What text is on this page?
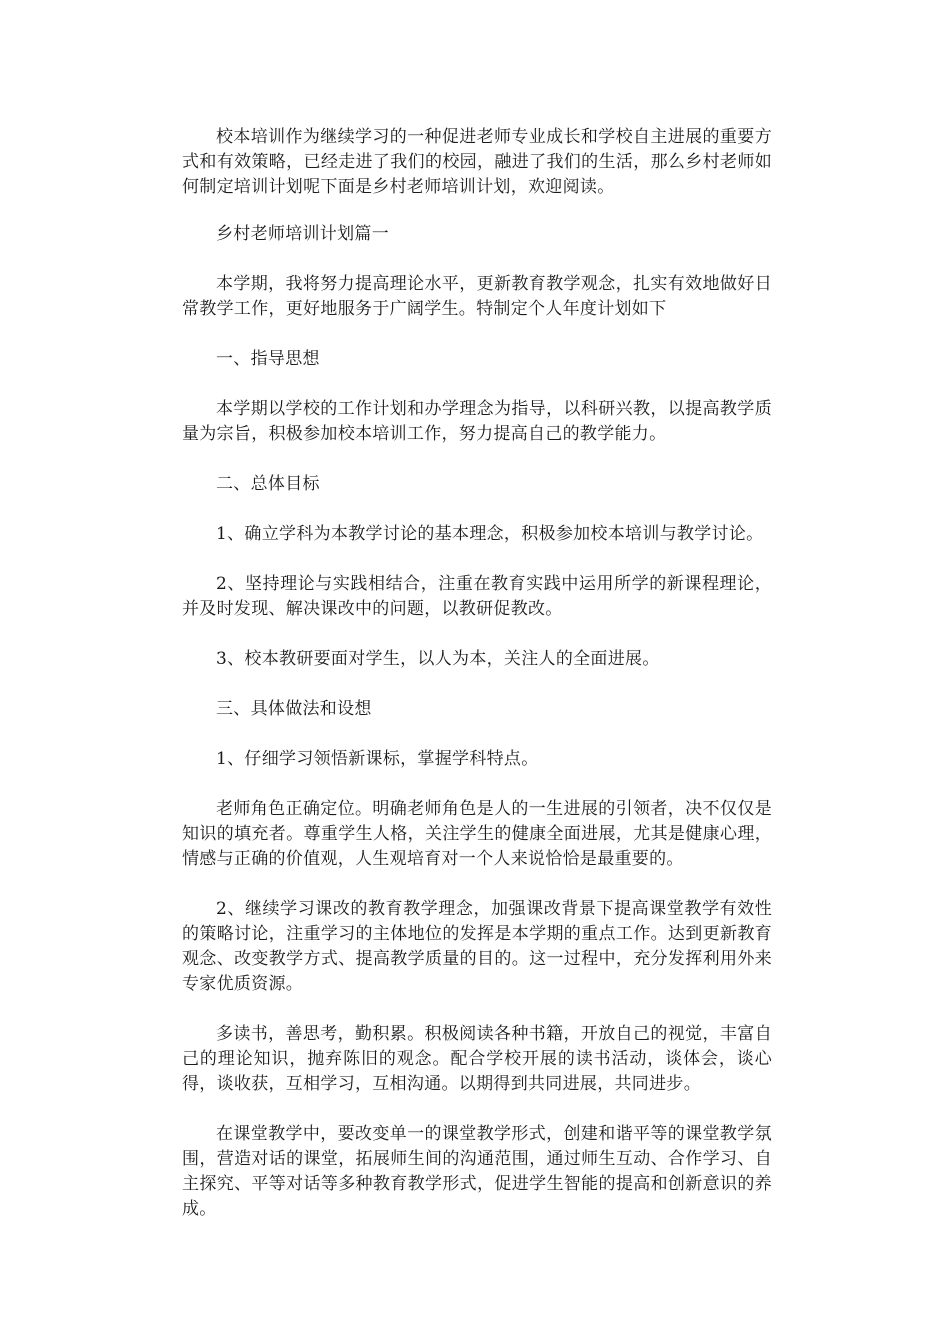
校本培训作为继续学习的一种促进老师专业成长和学校自主进展的重要方式和有效策略，已经走进了我们的校园，融进了我们的生活，那么乡村老师如何制定培训计划呢下面是乡村老师培训计划，欢迎阅读。

乡村老师培训计划篇一

本学期，我将努力提高理论水平，更新教育教学观念，扎实有效地做好日常教学工作，更好地服务于广阔学生。特制定个人年度计划如下

一、指导思想

本学期以学校的工作计划和办学理念为指导，以科研兴教，以提高教学质量为宗旨，积极参加校本培训工作，努力提高自己的教学能力。

二、总体目标

1、确立学科为本教学讨论的基本理念，积极参加校本培训与教学讨论。

2、坚持理论与实践相结合，注重在教育实践中运用所学的新课程理论，并及时发现、解决课改中的问题，以教研促教改。

3、校本教研要面对学生，以人为本，关注人的全面进展。

三、具体做法和设想

1、仔细学习领悟新课标，掌握学科特点。

老师角色正确定位。明确老师角色是人的一生进展的引领者，决不仅仅是知识的填充者。尊重学生人格，关注学生的健康全面进展，尤其是健康心理，情感与正确的价值观，人生观培育对一个人来说恰恰是最重要的。

2、继续学习课改的教育教学理念，加强课改背景下提高课堂教学有效性的策略讨论，注重学习的主体地位的发挥是本学期的重点工作。达到更新教育观念、改变教学方式、提高教学质量的目的。这一过程中，充分发挥利用外来专家优质资源。

多读书，善思考，勤积累。积极阅读各种书籍，开放自己的视觉，丰富自己的理论知识，抛弃陈旧的观念。配合学校开展的读书活动，谈体会，谈心得，谈收获，互相学习，互相沟通。以期得到共同进展，共同进步。

在课堂教学中，要改变单一的课堂教学形式，创建和谐平等的课堂教学氛围，营造对话的课堂，拓展师生间的沟通范围，通过师生互动、合作学习、自主探究、平等对话等多种教育教学形式，促进学生智能的提高和创新意识的养成。
